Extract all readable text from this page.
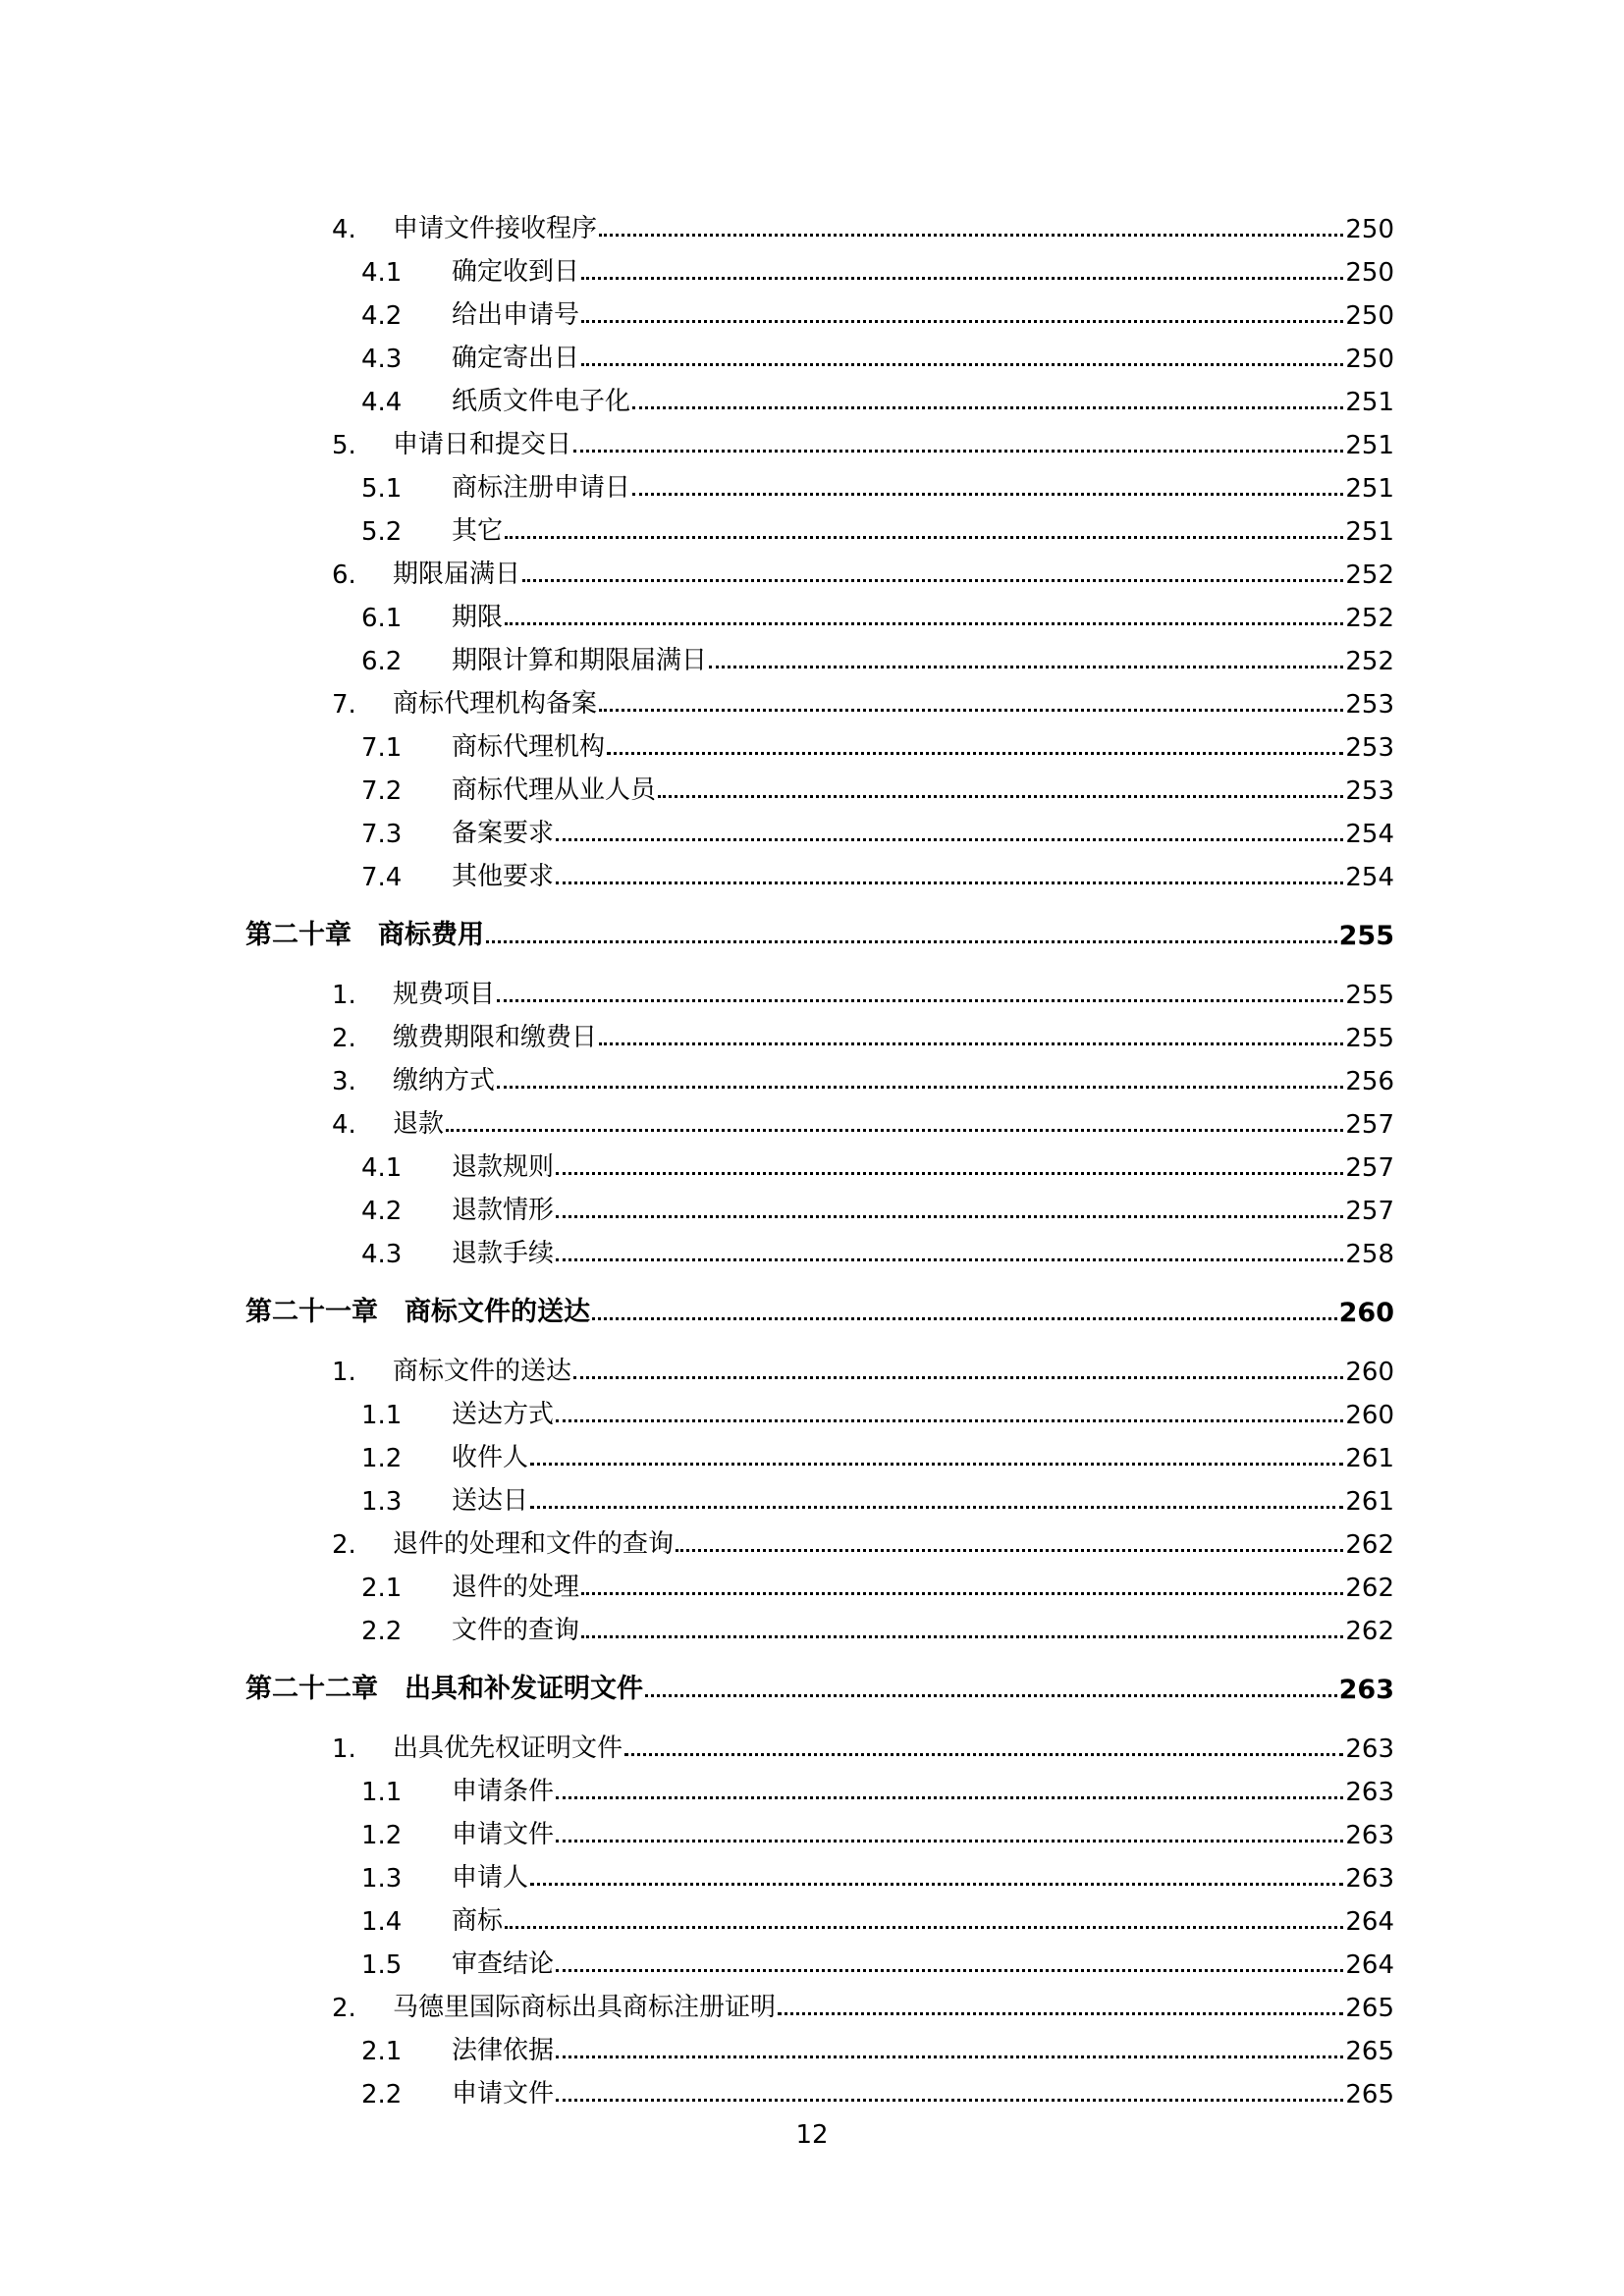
4.	申请文件接收程序	250
4.1	确定收到日	250
4.2	给出申请号	250
4.3	确定寄出日	250
4.4	纸质文件电子化	251
5.	申请日和提交日	251
5.1	商标注册申请日	251
5.2	其它	251
6.	期限届满日	252
6.1	期限	252
6.2	期限计算和期限届满日	252
7.	商标代理机构备案	253
7.1	商标代理机构	253
7.2	商标代理从业人员	253
7.3	备案要求	254
7.4	其他要求	254
第二十章　商标费用	255
1.	规费项目	255
2.	缴费期限和缴费日	255
3.	缴纳方式	256
4.	退款	257
4.1	退款规则	257
4.2	退款情形	257
4.3	退款手续	258
第二十一章　商标文件的送达	260
1.	商标文件的送达	260
1.1	送达方式	260
1.2	收件人	261
1.3	送达日	261
2.	退件的处理和文件的查询	262
2.1	退件的处理	262
2.2	文件的查询	262
第二十二章　出具和补发证明文件	263
1.	出具优先权证明文件	263
1.1	申请条件	263
1.2	申请文件	263
1.3	申请人	263
1.4	商标	264
1.5	审查结论	264
2.	马德里国际商标出具商标注册证明	265
2.1	法律依据	265
2.2	申请文件	265
12
